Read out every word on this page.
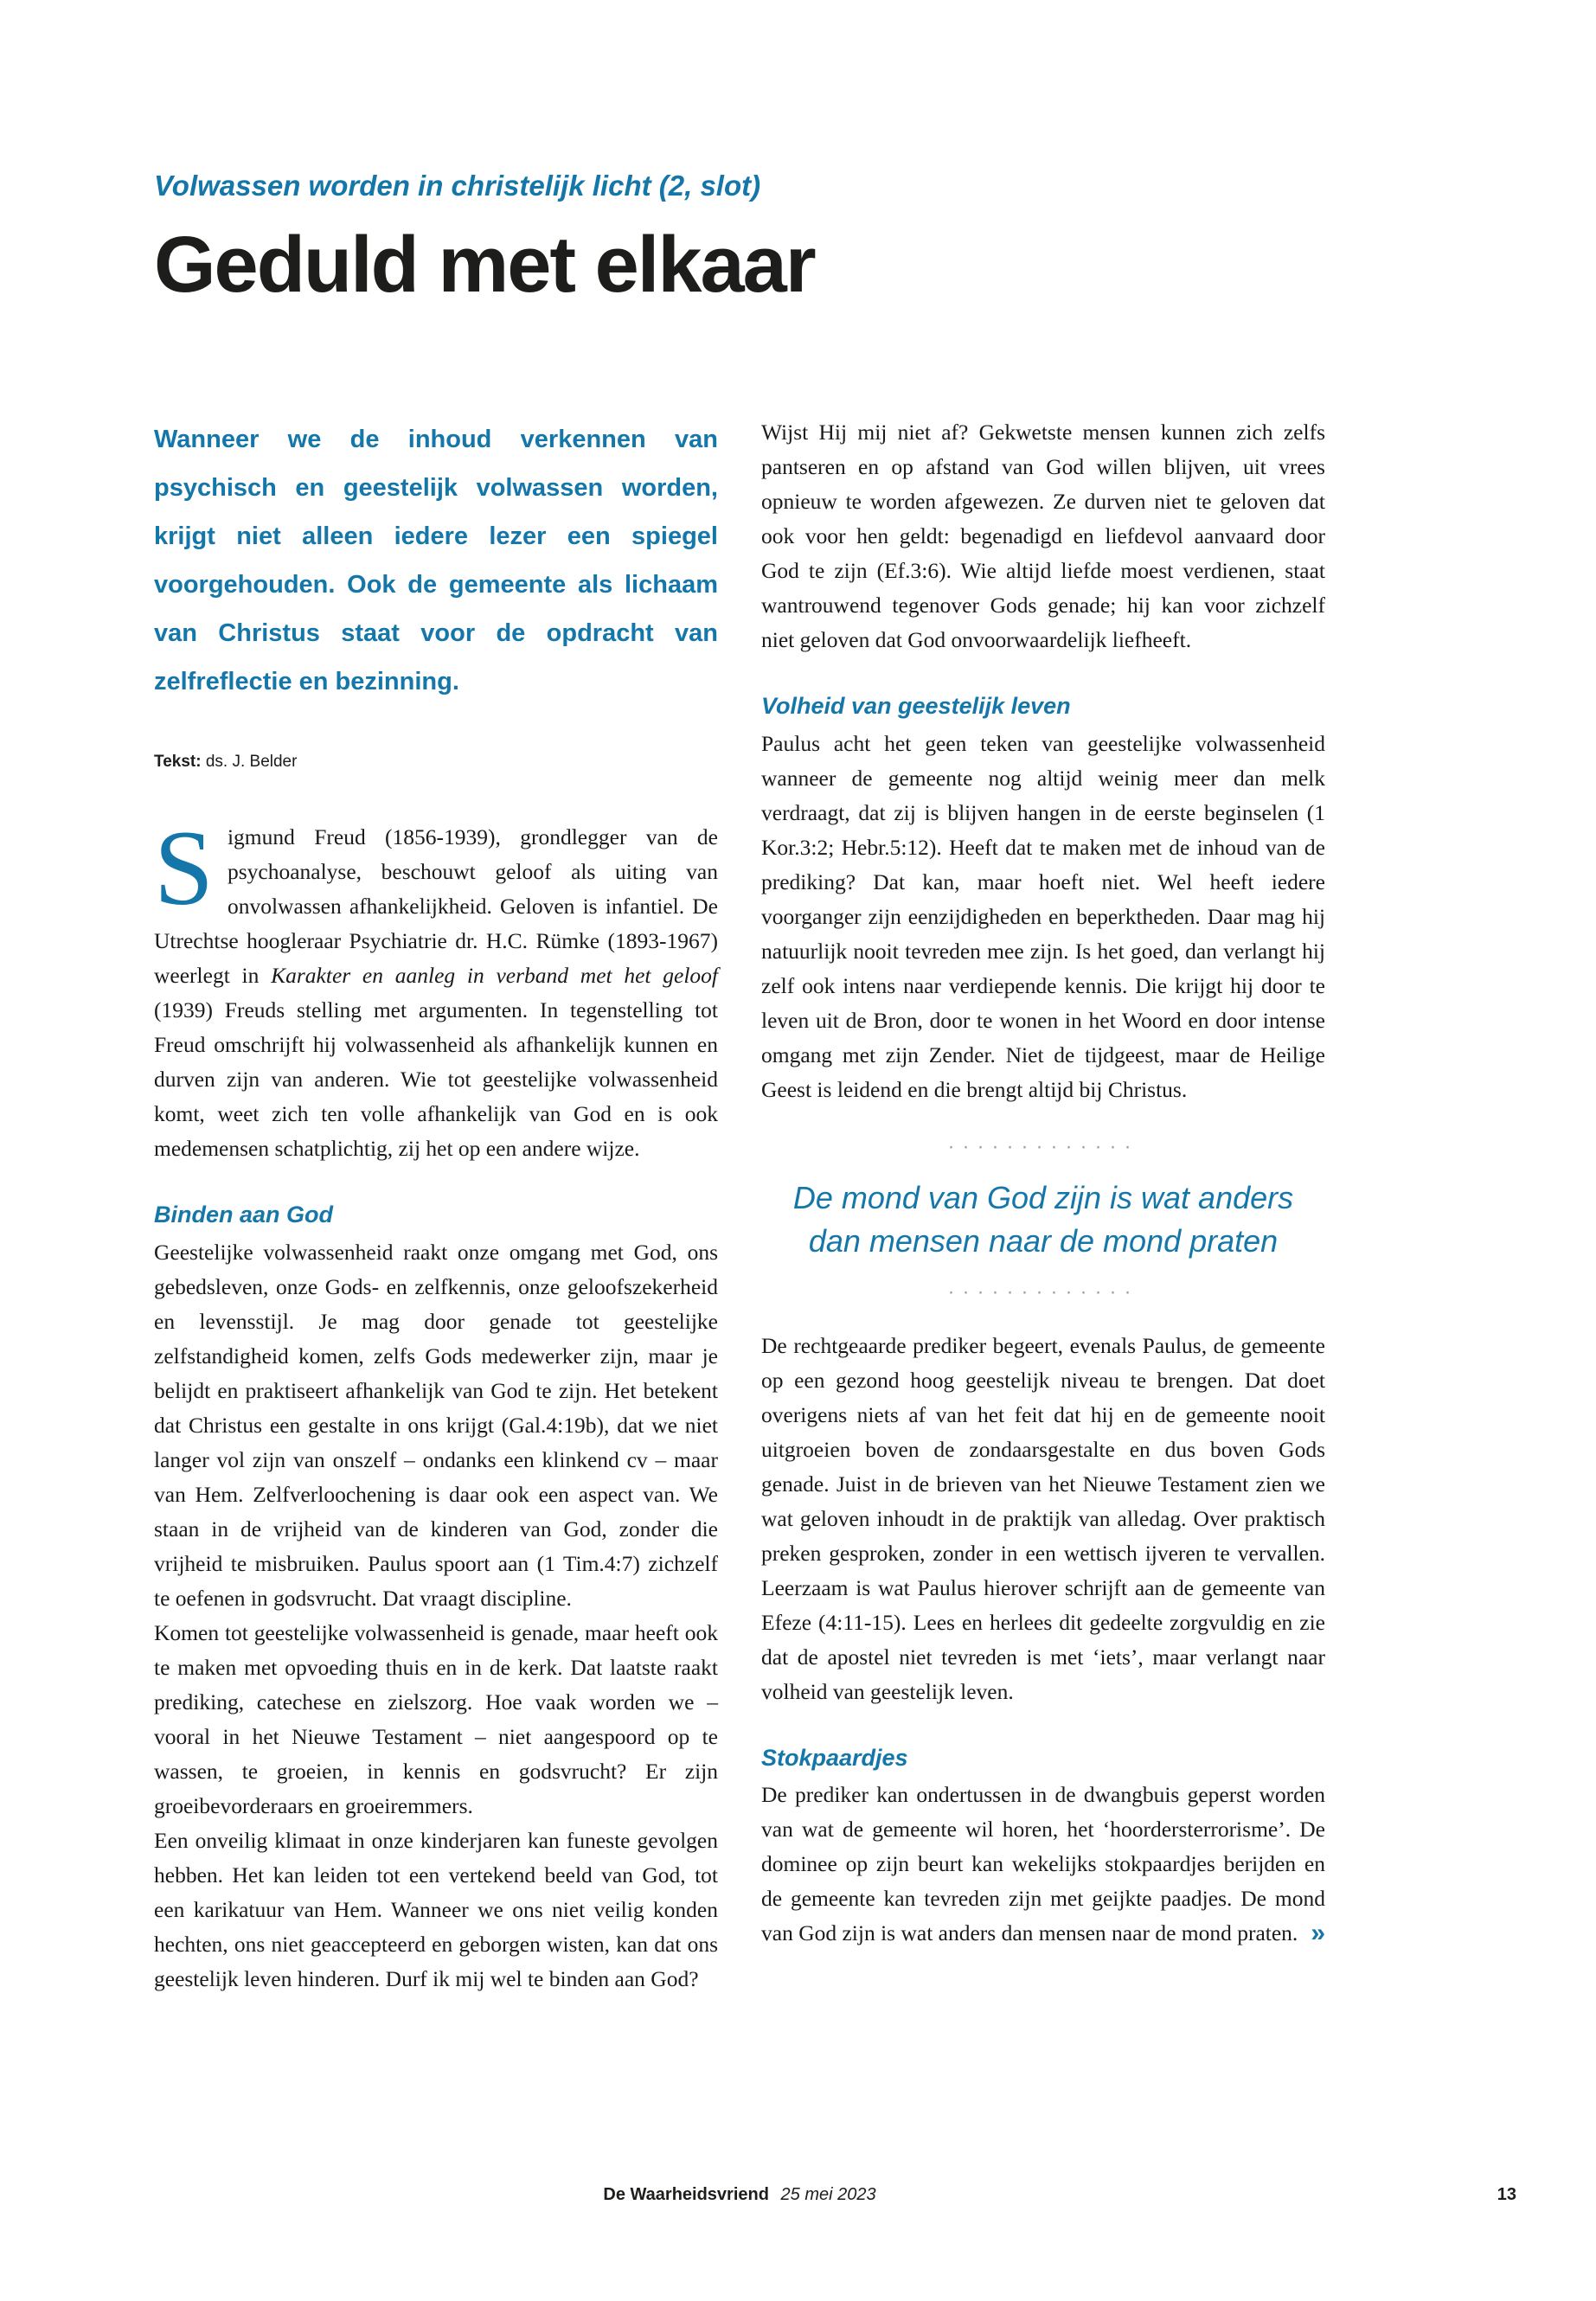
Volwassen worden in christelijk licht (2, slot)
Geduld met elkaar

Wanneer we de inhoud verkennen van psychisch en geestelijk volwassen worden, krijgt niet alleen iedere lezer een spiegel voorgehouden. Ook de gemeente als lichaam van Christus staat voor de opdracht van zelfreflectie en bezinning.

Tekst: ds. J. Belder

Sigmund Freud (1856-1939), grondlegger van de psychoanalyse, beschouwt geloof als uiting van onvolwassen afhankelijkheid. Geloven is infantiel. De Utrechtse hoogleraar Psychiatrie dr. H.C. Rümke (1893-1967) weerlegt in Karakter en aanleg in verband met het geloof (1939) Freuds stelling met argumenten. In tegenstelling tot Freud omschrijft hij volwassenheid als afhankelijk kunnen en durven zijn van anderen. Wie tot geestelijke volwassenheid komt, weet zich ten volle afhankelijk van God en is ook medemensen schatplichtig, zij het op een andere wijze.

Binden aan God

Geestelijke volwassenheid raakt onze omgang met God, ons gebedsleven, onze Gods- en zelfkennis, onze geloofszekerheid en levensstijl. Je mag door genade tot geestelijke zelfstandigheid komen, zelfs Gods medewerker zijn, maar je belijdt en praktiseert afhankelijk van God te zijn. Het betekent dat Christus een gestalte in ons krijgt (Gal.4:19b), dat we niet langer vol zijn van onszelf – ondanks een klinkend cv – maar van Hem. Zelfverloochening is daar ook een aspect van. We staan in de vrijheid van de kinderen van God, zonder die vrijheid te misbruiken. Paulus spoort aan (1 Tim.4:7) zichzelf te oefenen in godsvrucht. Dat vraagt discipline.

Komen tot geestelijke volwassenheid is genade, maar heeft ook te maken met opvoeding thuis en in de kerk. Dat laatste raakt prediking, catechese en zielszorg. Hoe vaak worden we – vooral in het Nieuwe Testament – niet aangespoord op te wassen, te groeien, in kennis en godsvrucht? Er zijn groeibevorderaars en groeiremmers.

Een onveilig klimaat in onze kinderjaren kan funeste gevolgen hebben. Het kan leiden tot een vertekend beeld van God, tot een karikatuur van Hem. Wanneer we ons niet veilig konden hechten, ons niet geaccepteerd en geborgen wisten, kan dat ons geestelijk leven hinderen. Durf ik mij wel te binden aan God?

Wijst Hij mij niet af? Gekwetste mensen kunnen zich zelfs pantseren en op afstand van God willen blijven, uit vrees opnieuw te worden afgewezen. Ze durven niet te geloven dat ook voor hen geldt: begenadigd en liefdevol aanvaard door God te zijn (Ef.3:6). Wie altijd liefde moest verdienen, staat wantrouwend tegenover Gods genade; hij kan voor zichzelf niet geloven dat God onvoorwaardelijk liefheeft.

Volheid van geestelijk leven

Paulus acht het geen teken van geestelijke volwassenheid wanneer de gemeente nog altijd weinig meer dan melk verdraagt, dat zij is blijven hangen in de eerste beginselen (1 Kor.3:2; Hebr.5:12). Heeft dat te maken met de inhoud van de prediking? Dat kan, maar hoeft niet. Wel heeft iedere voorganger zijn eenzijdigheden en beperktheden. Daar mag hij natuurlijk nooit tevreden mee zijn. Is het goed, dan verlangt hij zelf ook intens naar verdiepende kennis. Die krijgt hij door te leven uit de Bron, door te wonen in het Woord en door intense omgang met zijn Zender. Niet de tijdgeest, maar de Heilige Geest is leidend en die brengt altijd bij Christus.

·············
De mond van God zijn is wat anders
dan mensen naar de mond praten
·············

De rechtgeaarde prediker begeert, evenals Paulus, de gemeente op een gezond hoog geestelijk niveau te brengen. Dat doet overigens niets af van het feit dat hij en de gemeente nooit uitgroeien boven de zondaarsgestalte en dus boven Gods genade. Juist in de brieven van het Nieuwe Testament zien we wat geloven inhoudt in de praktijk van alledag. Over praktisch preken gesproken, zonder in een wettisch ijveren te vervallen. Leerzaam is wat Paulus hierover schrijft aan de gemeente van Efeze (4:11-15). Lees en herlees dit gedeelte zorgvuldig en zie dat de apostel niet tevreden is met ‘iets’, maar verlangt naar volheid van geestelijk leven.

Stokpaardjes

De prediker kan ondertussen in de dwangbuis geperst worden van wat de gemeente wil horen, het ‘hoordersterrorisme’. De dominee op zijn beurt kan wekelijks stokpaardjes berijden en de gemeente kan tevreden zijn met geijkte paadjes. De mond van God zijn is wat anders dan mensen naar de mond praten. »

De Waarheidsvriend 25 mei 2023	13
